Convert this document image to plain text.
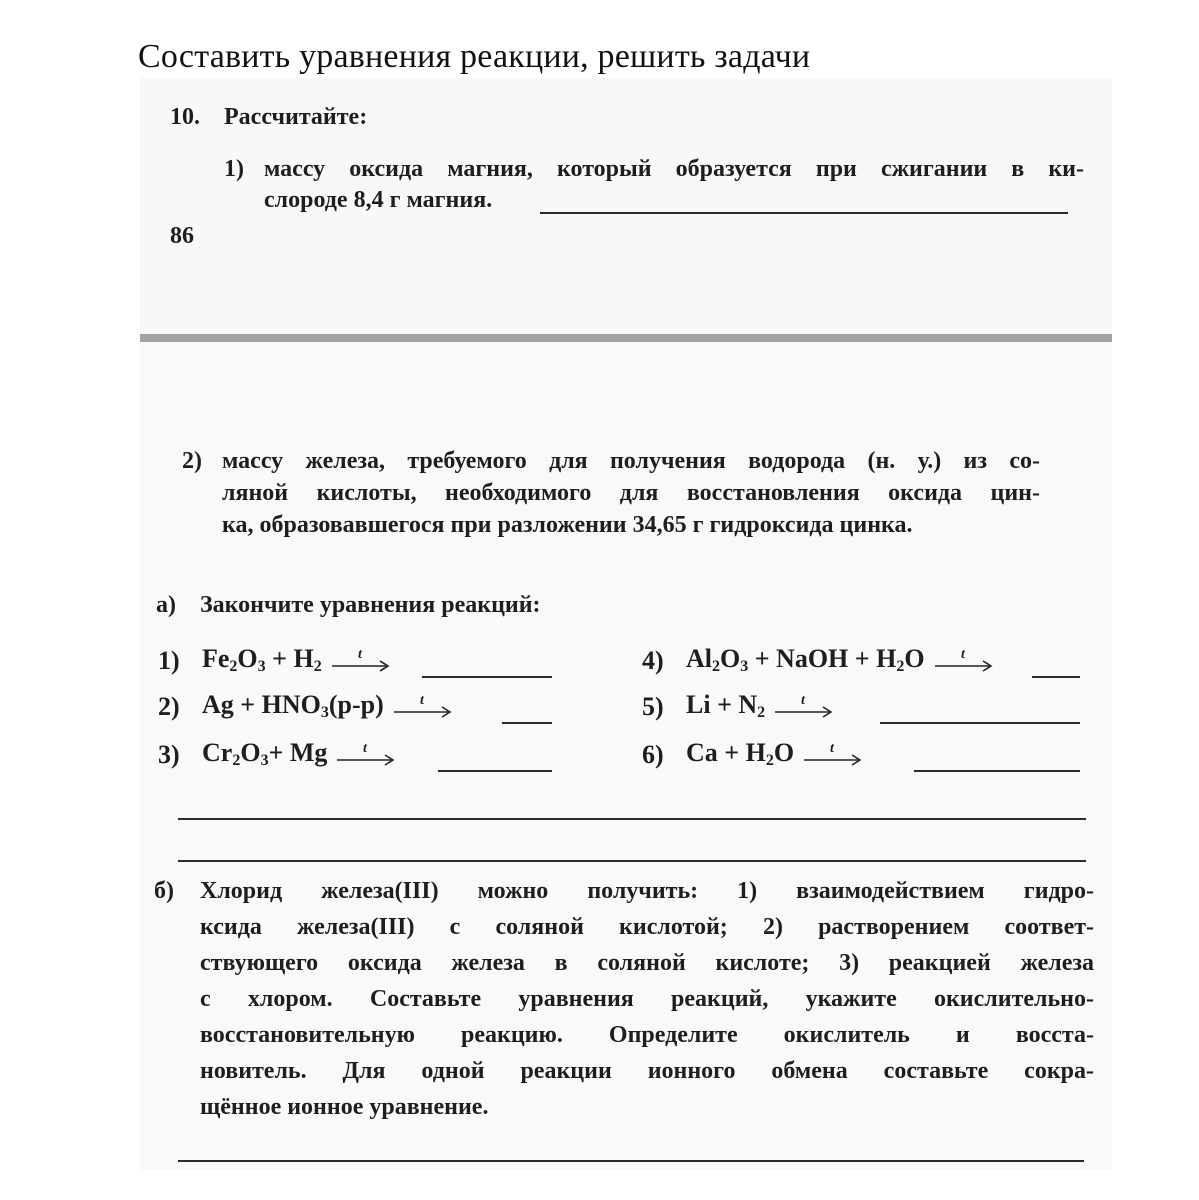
Составить уравнения реакции, решить задачи
10. Рассчитайте:
1) массу оксида магния, который образуется при сжигании в ки-
слороде 8,4 г магния.
86
2) массу железа, требуемого для получения водорода (н. у.) из со-
ляной кислоты, необходимого для восстановления оксида цин-
ка, образовавшегося при разложении 34,65 г гидроксида цинка.
а) Закончите уравнения реакций:
1) $Fe_2O_3 + H_2$
t
2) $Ag + HNO_3(р-р)$	t
3) $Cr_2O_3+ Mg$	t
4) $Al_2O_3$ + NaOH + $H_2O$	t
5) $Li + N_2$
t
6) $Ca + H_2O$	t
б) Хлорид железа(III) можно получить: 1) взаимодействием гидро-
ксида железа(III) с соляной кислотой; 2) растворением соответ-
ствующего оксида железа в соляной кислоте; 3) реакцией железа
с хлором. Составьте уравнения реакций, укажите окислительно-
восстановительную реакцию. Определите окислитель и восста-
новитель. Для одной реакции ионного обмена составьте сокра-
щённое ионное уравнение.
